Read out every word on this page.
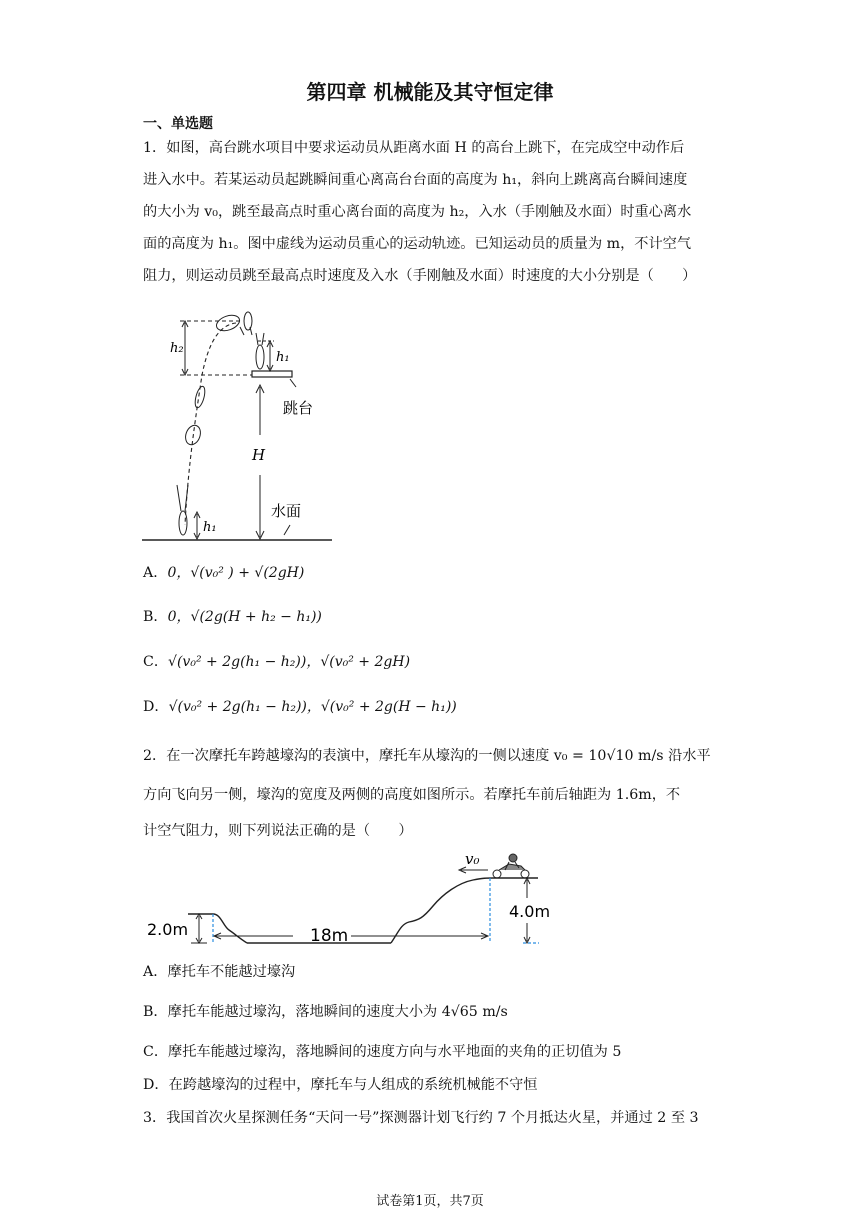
第四章 机械能及其守恒定律
一、单选题
1．如图，高台跳水项目中要求运动员从距离水面 H 的高台上跳下，在完成空中动作后
进入水中。若某运动员起跳瞬间重心离高台台面的高度为 h₁，斜向上跳离高台瞬间速度
的大小为 v₀，跳至最高点时重心离台面的高度为 h₂，入水（手刚触及水面）时重心离水
面的高度为 h₁。图中虚线为运动员重心的运动轨迹。已知运动员的质量为 m，不计空气
阻力，则运动员跳至最高点时速度及入水（手刚触及水面）时速度的大小分别是（　　）
h₂
跳台
h₁
h₁
H
水面
A．0，√(v₀² ) + √(2gH)
B．0，√(2g(H + h₂ − h₁))
C．√(v₀² + 2g(h₁ − h₂))，√(v₀² + 2gH)
D．√(v₀² + 2g(h₁ − h₂))，√(v₀² + 2g(H − h₁))
2．在一次摩托车跨越壕沟的表演中，摩托车从壕沟的一侧以速度 v₀ = 10√10 m/s 沿水平
方向飞向另一侧，壕沟的宽度及两侧的高度如图所示。若摩托车前后轴距为 1.6m，不
计空气阻力，则下列说法正确的是（　　）
2.0m	18m
4.0m
v₀
A．摩托车不能越过壕沟
B．摩托车能越过壕沟，落地瞬间的速度大小为 4√65 m/s
C．摩托车能越过壕沟，落地瞬间的速度方向与水平地面的夹角的正切值为 5
D．在跨越壕沟的过程中，摩托车与人组成的系统机械能不守恒
3．我国首次火星探测任务“天问一号”探测器计划飞行约 7 个月抵达火星，并通过 2 至 3
试卷第1页，共7页
